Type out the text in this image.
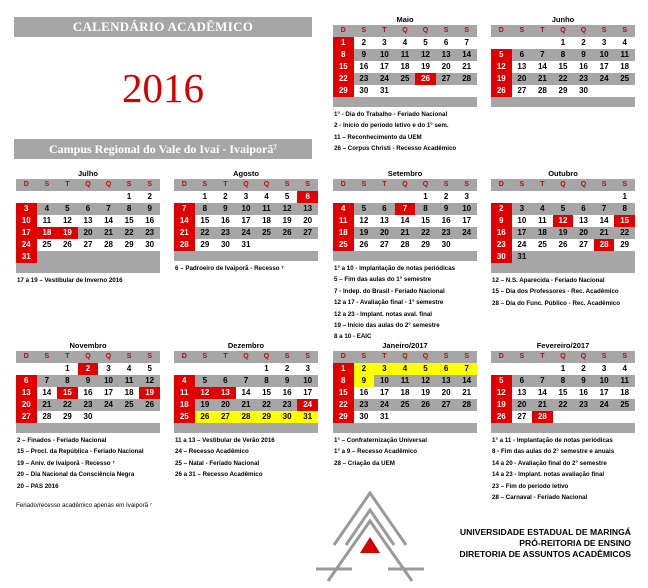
CALENDÁRIO ACADÊMICO
2016
Campus Regional do Vale do Ivaí - Ivaiporã⁷
Maio
D	S	T	Q	Q	S	S
1	2	3	4	5	6	7
8	9	10	11	12	13	14
15	16	17	18	19	20	21
22	23	24	25	26	27	28
29	30	31				
1° - Dia do Trabalho - Feriado Nacional
2 - Início do período letivo e do 1° sem.
11 – Reconhecimento da UEM
26 – Corpus Christi - Recesso Acadêmico
Junho
D	S	T	Q	Q	S	S
			1	2	3	4
5	6	7	8	9	10	11
12	13	14	15	16	17	18
19	20	21	22	23	24	25
26	27	28	29	30		
Julho
D	S	T	Q	Q	S	S
					1	2
3	4	5	6	7	8	9
10	11	12	13	14	15	16
17	18	19	20	21	22	23
24	25	26	27	28	29	30
31						
17 a 19 – Vestibular de Inverno 2016
Agosto
D	S	T	Q	Q	S	S
	1	2	3	4	5	6
7	8	9	10	11	12	13
14	15	16	17	18	19	20
21	22	23	24	25	26	27
28	29	30	31			
6 – Padroeiro de Ivaiporã - Recesso ⁷
Setembro
D	S	T	Q	Q	S	S
				1	2	3
4	5	6	7	8	9	10
11	12	13	14	15	16	17
18	19	20	21	22	23	24
25	26	27	28	29	30	
1° a 10 - Implantação de notas periódicas
5 – Fim das aulas do 1° semestre
7 - Indep. do Brasil - Feriado Nacional
12 a 17 - Avaliação final - 1° semestre
12 a 23 - Implant. notas aval. final
19 – Início das aulas do 2° semestre
8 a 10 - EAIC
Outubro
D	S	T	Q	Q	S	S
						1
2	3	4	5	6	7	8
9	10	11	12	13	14	15
16	17	18	19	20	21	22
23	24	25	26	27	28	29
30	31					
12 – N.S. Aparecida - Feriado Nacional
15 – Dia dos Professores - Rec. Acadêmico
28 – Dia do Func. Público - Rec. Acadêmico
Novembro
D	S	T	Q	Q	S	S
		1	2	3	4	5
6	7	8	9	10	11	12
13	14	15	16	17	18	19
20	21	22	23	24	25	26
27	28	29	30			
2 – Finados - Feriado Nacional
15 – Procl. da República - Feriado Nacional
19 – Aniv. de Ivaiporã - Recesso ⁷
20 – Dia Nacional da Consciência Negra
20 – PAS 2016
Dezembro
D	S	T	Q	Q	S	S
				1	2	3
4	5	6	7	8	9	10
11	12	13	14	15	16	17
18	19	20	21	22	23	24
25	26	27	28	29	30	31
11 a 13 – Vestibular de Verão 2016
24 – Recesso Acadêmico
25 – Natal - Feriado Nacional
26 a 31 – Recesso Acadêmico
Janeiro/2017
D	S	T	Q	Q	S	S
1	2	3	4	5	6	7
8	9	10	11	12	13	14
15	16	17	18	19	20	21
22	23	24	25	26	27	28
29	30	31				
1° – Confraternização Universal
1° a 9 – Recesso Acadêmico
28 – Criação da UEM
Fevereiro/2017
D	S	T	Q	Q	S	S
			1	2	3	4
5	6	7	8	9	10	11
12	13	14	15	16	17	18
19	20	21	22	23	24	25
26	27	28				
1° a 11 - Implantação de notas periódicas
8 - Fim das aulas do 2° semestre e anuais
14 a 20 - Avaliação final do 2° semestre
14 a 23 - Implant. notas avaliação final
23 – Fim do período letivo
28 – Carnaval - Feriado Nacional
Feriado/recesso acadêmico apenas em Ivaiporã ⁷
UNIVERSIDADE ESTADUAL DE MARINGÁ
PRÓ-REITORIA DE ENSINO
DIRETORIA DE ASSUNTOS ACADÊMICOS
